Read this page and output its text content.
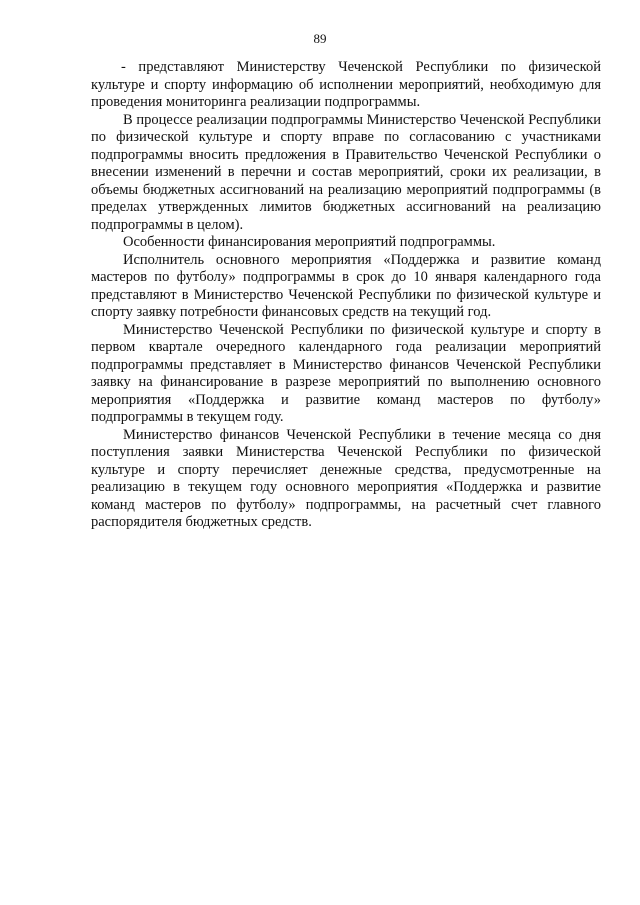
89

- представляют Министерству Чеченской Республики по физической культуре и спорту информацию об исполнении мероприятий, необходимую для проведения мониторинга реализации подпрограммы.

В процессе реализации подпрограммы Министерство Чеченской Республики по физической культуре и спорту вправе по согласованию с участниками подпрограммы вносить предложения в Правительство Чеченской Республики о внесении изменений в перечни и состав мероприятий, сроки их реализации, в объемы бюджетных ассигнований на реализацию мероприятий подпрограммы (в пределах утвержденных лимитов бюджетных ассигнований на реализацию подпрограммы в целом).

Особенности финансирования мероприятий подпрограммы.

Исполнитель основного мероприятия «Поддержка и развитие команд мастеров по футболу» подпрограммы в срок до 10 января календарного года представляют в Министерство Чеченской Республики по физической культуре и спорту заявку потребности финансовых средств на текущий год.

Министерство Чеченской Республики по физической культуре и спорту в первом квартале очередного календарного года реализации мероприятий подпрограммы представляет в Министерство финансов Чеченской Республики заявку на финансирование в разрезе мероприятий по выполнению основного мероприятия «Поддержка и развитие команд мастеров по футболу» подпрограммы в текущем году.

Министерство финансов Чеченской Республики в течение месяца со дня поступления заявки Министерства Чеченской Республики по физической культуре и спорту перечисляет денежные средства, предусмотренные на реализацию в текущем году основного мероприятия «Поддержка и развитие команд мастеров по футболу» подпрограммы, на расчетный счет главного распорядителя бюджетных средств.
